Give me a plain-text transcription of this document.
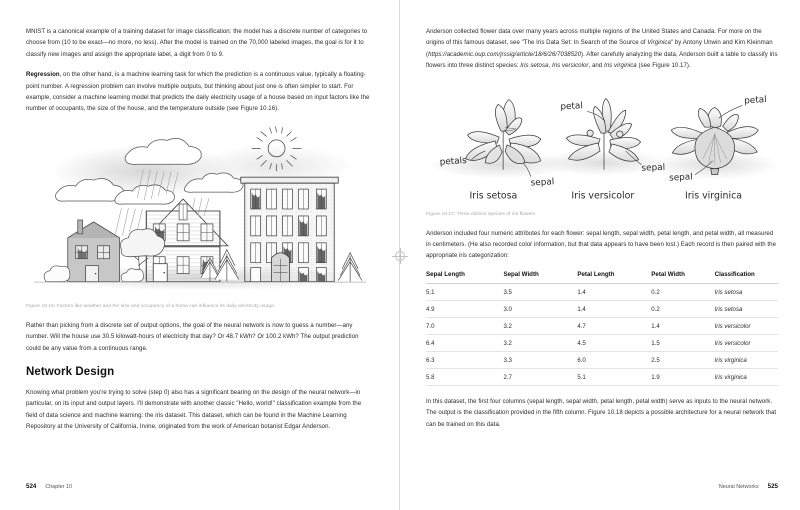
MNIST is a canonical example of a training dataset for image classification: the model has a discrete number of categories to choose from (10 to be exact—no more, no less). After the model is trained on the 70,000 labeled images, the goal is for it to classify new images and assign the appropriate label, a digit from 0 to 9.

Regression, on the other hand, is a machine learning task for which the prediction is a continuous value, typically a floating-point number. A regression problem can involve multiple outputs, but thinking about just one is often simpler to start. For example, consider a machine learning model that predicts the daily electricity usage of a house based on input factors like the number of occupants, the size of the house, and the temperature outside (see Figure 10.16).

Figure 10.16: Factors like weather and the size and occupancy of a home can influence its daily electricity usage.

Rather than picking from a discrete set of output options, the goal of the neural network is now to guess a number—any number. Will the house use 30.5 kilowatt-hours of electricity that day? Or 48.7 kWh? Or 100.2 kWh? The output prediction could be any value from a continuous range.

Network Design

Knowing what problem you're trying to solve (step 0) also has a significant bearing on the design of the neural network—in particular, on its input and output layers. I'll demonstrate with another classic "Hello, world!" classification example from the field of data science and machine learning: the iris dataset. This dataset, which can be found in the Machine Learning Repository at the University of California, Irvine, originated from the work of American botanist Edgar Anderson.

524 Chapter 10

Anderson collected flower data over many years across multiple regions of the United States and Canada. For more on the origins of this famous dataset, see "The Iris Data Set: In Search of the Source of Virginica" by Antony Unwin and Kim Kleinman (https://academic.oup.com/jrssig/article/18/6/26/7038520). After carefully analyzing the data, Anderson built a table to classify iris flowers into three distinct species: Iris setosa, Iris versicolor, and Iris virginica (see Figure 10.17).

petals
sepal
petal
sepal
petal
sepal
Iris setosa	Iris versicolor	Iris virginica

Figure 10.17: Three distinct species of iris flowers

Anderson included four numeric attributes for each flower: sepal length, sepal width, petal length, and petal width, all measured in centimeters. (He also recorded color information, but that data appears to have been lost.) Each record is then paired with the appropriate iris categorization:

Sepal Length	Sepal Width	Petal Length	Petal Width	Classification
5.1	3.5	1.4	0.2	Iris setosa
4.9	3.0	1.4	0.2	Iris setosa
7.0	3.2	4.7	1.4	Iris versicolor
6.4	3.2	4.5	1.5	Iris versicolor
6.3	3.3	6.0	2.5	Iris virginica
5.8	2.7	5.1	1.9	Iris virginica

In this dataset, the first four columns (sepal length, sepal width, petal length, petal width) serve as inputs to the neural network. The output is the classification provided in the fifth column. Figure 10.18 depicts a possible architecture for a neural network that can be trained on this data.

Neural Networks 525
